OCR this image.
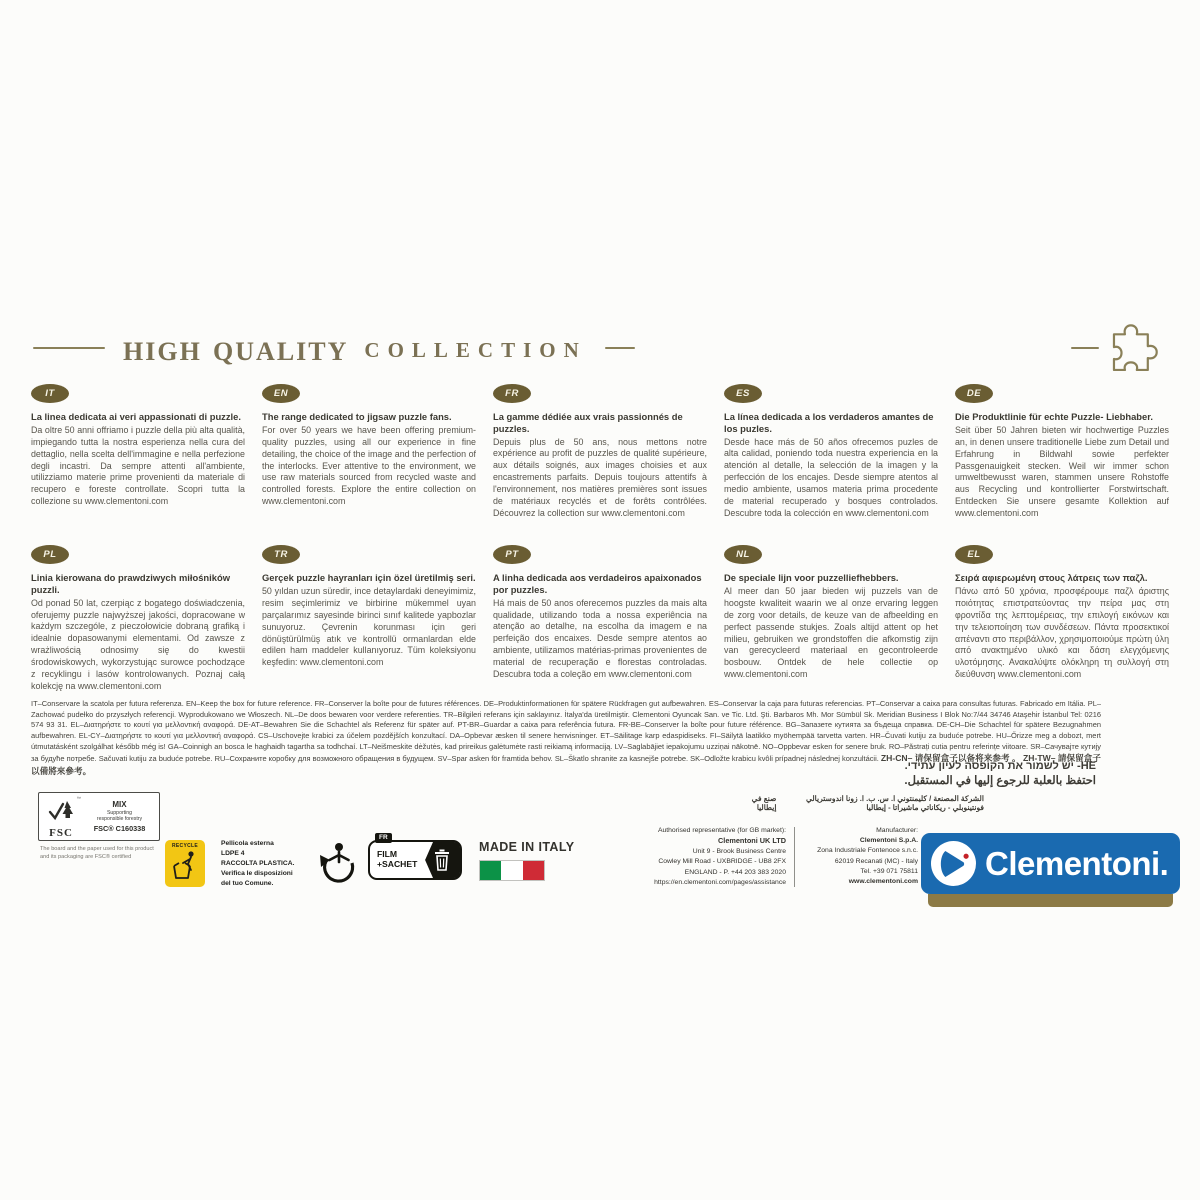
high quality collection
IT
La linea dedicata ai veri appassionati di puzzle.

Da oltre 50 anni offriamo i puzzle della più alta qualità, impiegando tutta la nostra esperienza nella cura del dettaglio, nella scelta dell'immagine e nella perfezione degli incastri. Da sempre attenti all'ambiente, utilizziamo materie prime provenienti da materiale di recupero e foreste controllate. Scopri tutta la collezione su www.clementoni.com

EN
The range dedicated to jigsaw puzzle fans.

For over 50 years we have been offering premium-quality puzzles, using all our experience in fine detailing, the choice of the image and the perfection of the interlocks. Ever attentive to the environment, we use raw materials sourced from recycled waste and controlled forests. Explore the entire collection on www.clementoni.com

FR
La gamme dédiée aux vrais passionnés de puzzles.

Depuis plus de 50 ans, nous mettons notre expérience au profit de puzzles de qualité supérieure, aux détails soignés, aux images choisies et aux encastrements parfaits. Depuis toujours attentifs à l'environnement, nos matières premières sont issues de matériaux recyclés et de forêts contrôlées. Découvrez la collection sur www.clementoni.com

ES
La línea dedicada a los verdaderos amantes de los puzles.

Desde hace más de 50 años ofrecemos puzles de alta calidad, poniendo toda nuestra experiencia en la atención al detalle, la selección de la imagen y la perfección de los encajes. Desde siempre atentos al medio ambiente, usamos materia prima procedente de material recuperado y bosques controlados. Descubre toda la colección en www.clementoni.com

DE
Die Produktlinie für echte Puzzle- Liebhaber.

Seit über 50 Jahren bieten wir hochwertige Puzzles an, in denen unsere traditionelle Liebe zum Detail und Erfahrung in Bildwahl sowie perfekter Passgenauigkeit stecken. Weil wir immer schon umweltbewusst waren, stammen unsere Rohstoffe aus Recycling und kontrollierter Forstwirtschaft. Entdecken Sie unsere gesamte Kollektion auf www.clementoni.com

PL
Linia kierowana do prawdziwych miłośników puzzli.

Od ponad 50 lat, czerpiąc z bogatego doświadczenia, oferujemy puzzle najwyższej jakości, dopracowane w każdym szczególe, z pieczołowicie dobraną grafiką i idealnie dopasowanymi elementami. Od zawsze z wrażliwością odnosimy się do kwestii środowiskowych, wykorzystując surowce pochodzące z recyklingu i lasów kontrolowanych. Poznaj całą kolekcję na www.clementoni.com

TR
Gerçek puzzle hayranları için özel üretilmiş seri.

50 yıldan uzun süredir, ince detaylardaki deneyimimiz, resim seçimlerimiz ve birbirine mükemmel uyan parçalarımız sayesinde birinci sınıf kalitede yapbozlar sunuyoruz. Çevrenin korunması için geri dönüştürülmüş atık ve kontrollü ormanlardan elde edilen ham maddeler kullanıyoruz. Tüm koleksiyonu keşfedin: www.clementoni.com

PT
A linha dedicada aos verdadeiros apaixonados por puzzles.

Há mais de 50 anos oferecemos puzzles da mais alta qualidade, utilizando toda a nossa experiência na atenção ao detalhe, na escolha da imagem e na perfeição dos encaixes. Desde sempre atentos ao ambiente, utilizamos matérias-primas provenientes de material de recuperação e florestas controladas. Descubra toda a coleção em www.clementoni.com

NL
De speciale lijn voor puzzelliefhebbers.

Al meer dan 50 jaar bieden wij puzzels van de hoogste kwaliteit waarin we al onze ervaring leggen de zorg voor details, de keuze van de afbeelding en perfect passende stukjes. Zoals altijd attent op het milieu, gebruiken we grondstoffen die afkomstig zijn van gerecycleerd materiaal en gecontroleerde bosbouw. Ontdek de hele collectie op www.clementoni.com

EL
Σειρά αφιερωμένη στους λάτρεις των παζλ.

Πάνω από 50 χρόνια, προσφέρουμε παζλ άριστης ποιότητας επιστρατεύοντας την πείρα μας στη φροντίδα της λεπτομέρειας, την επιλογή εικόνων και την τελειοποίηση των συνδέσεων. Πάντα προσεκτικοί απέναντι στο περιβάλλον, χρησιμοποιούμε πρώτη ύλη από ανακτημένο υλικό και δάση ελεγχόμενης υλοτόμησης. Ανακαλύψτε ολόκληρη τη συλλογή στη διεύθυνση www.clementoni.com

IT–Conservare la scatola per futura referenza. EN–Keep the box for future reference. FR–Conserver la boîte pour de futures références. DE–Produktinformationen für spätere Rückfragen gut aufbewahren. ES–Conservar la caja para futuras referencias. PT–Conservar a caixa para consultas futuras. Fabricado em Itália. PL–Zachować pudełko do przyszłych referencji. Wyprodukowano we Włoszech. NL–De doos bewaren voor verdere referenties. TR–Bilgileri referans için saklayınız. İtalya'da üretilmiştir. Clementoni Oyuncak San. ve Tic. Ltd. Şti. Barbaros Mh. Mor Sümbül Sk. Meridian Business I Blok No:7/44 34746 Ataşehir İstanbul Tel: 0216 574 93 31. EL–Διατηρήστε το κουτί για μελλοντική αναφορά. DE-AT–Bewahren Sie die Schachtel als Referenz für später auf. PT-BR–Guardar a caixa para referência futura. FR-BE–Conserver la boîte pour future référence. BG–Запазете кутията за бъдеща справка. DE-CH–Die Schachtel für spätere Bezugnahmen aufbewahren. EL-CY–Διατηρήστε το κουτί για μελλοντική αναφορά. CS–Uschovejte krabici za účelem pozdějších konzultací. DA–Opbevar æsken til senere henvisninger. ET–Säilitage karp edaspidiseks. FI–Säilytä laatikko myöhempää tarvetta varten. HR–Čuvati kutiju za buduće potrebe. HU–Őrizze meg a dobozt, mert útmutatásként szolgálhat később még is! GA–Coinnigh an bosca le haghaidh tagartha sa todhchaí. LT–Neišmeskite dėžutės, kad prireikus galėtumėte rasti reikiamą informaciją. LV–Saglabājiet iepakojumu uzziņai nākotnē. NO–Oppbevar esken for senere bruk. RO–Păstrați cutia pentru referințe viitoare. SR–Сачувајте кутију за будуће потребе. Sačuvati kutiju za buduće potrebe. RU–Сохраните коробку для возможного обращения в будущем. SV–Spar asken för framtida behov. SL–Škatlo shranite za kasnejše potrebe. SK–Odložte krabicu kvôli prípadnej následnej konzultácii. ZH-CN– 请保留盒子以备将来参考 。 ZH-TW– 請保留盒子以備將來參考。	HE- יש לשמור את הקופסה לעיון עתידי.
احتفظ بالعلبة للرجوع إليها في المستقبل.
الشركة المصنعة / كليمنتوني ا. س. ب. ا. زونا اندوستريالي فونتينوبلي - ريكاناتي ماشيراتا - إيطاليا
صنع في إيطاليا
™
FSC
MIX
Supporting
responsible forestry
FSC® C160338
The board and the paper used for this product and its packaging are FSC® certified
RECYCLE	Pellicola esterna
LDPE 4
RACCOLTA PLASTICA.
Verifica le disposizioni
del tuo Comune.
FR
FILM
+SACHET
MADE IN ITALY
Authorised representative (for GB market):
Clementoni UK LTD
Unit 9 - Brook Business Centre
Cowley Mill Road - UXBRIDGE - UB8 2FX
ENGLAND - P. +44 203 383 2020
https://en.clementoni.com/pages/assistance
Manufacturer:
Clementoni S.p.A.
Zona Industriale Fontenoce s.n.c.
62019 Recanati (MC) - Italy
Tel. +39 071 75811
www.clementoni.com Clementoni.
